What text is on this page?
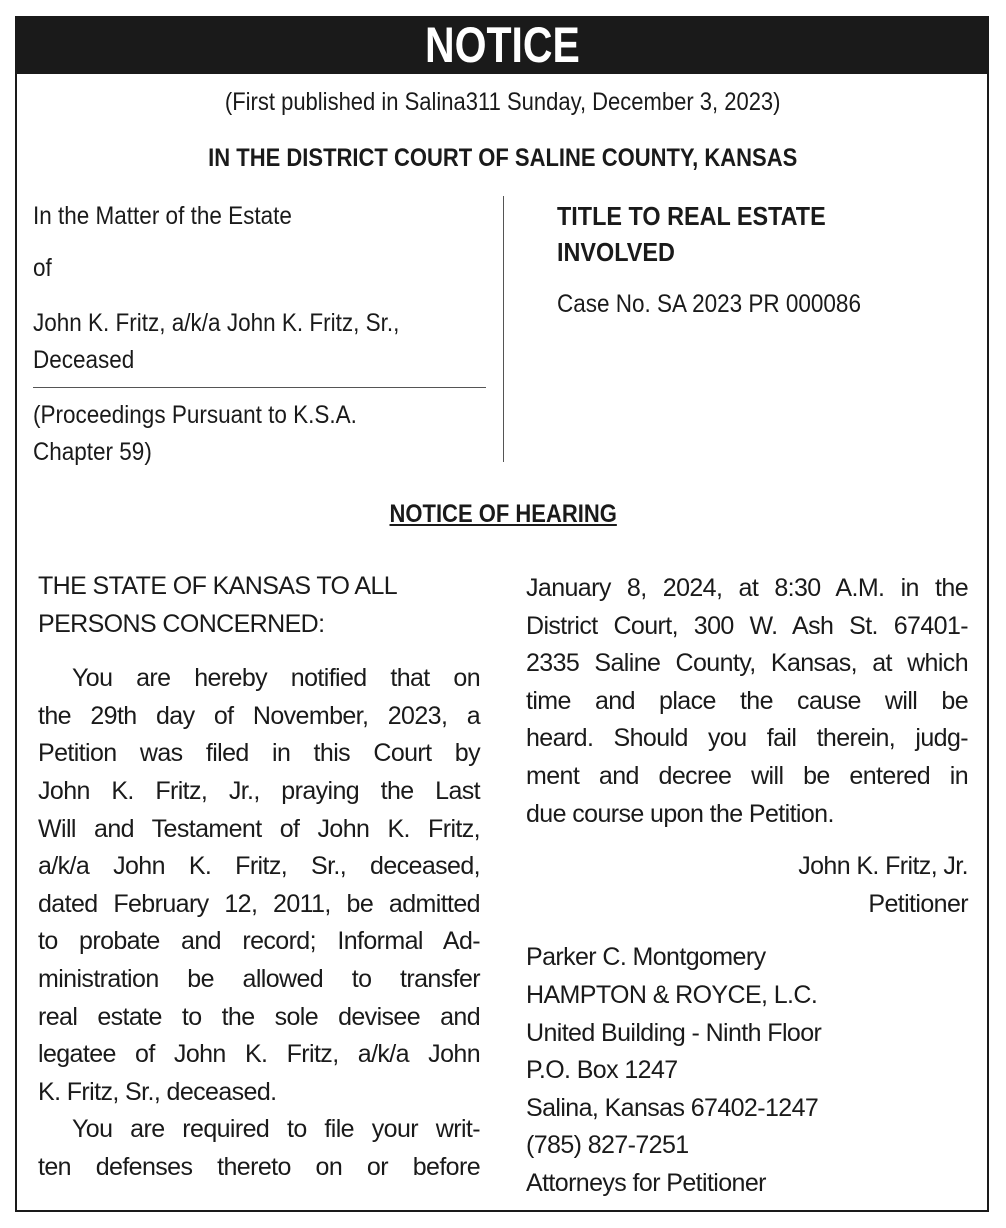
NOTICE
(First published in Salina311 Sunday, December 3, 2023)
IN THE DISTRICT COURT OF SALINE COUNTY, KANSAS
In the Matter of the Estate
of
John K. Fritz, a/k/a John K. Fritz, Sr.,
Deceased
(Proceedings Pursuant to K.S.A.
Chapter 59)
TITLE TO REAL ESTATE
INVOLVED
Case No. SA 2023 PR 000086
NOTICE OF HEARING
THE STATE OF KANSAS TO ALL
PERSONS CONCERNED:
You are hereby notified that on
the 29th day of November, 2023, a
Petition was filed in this Court by
John K. Fritz, Jr., praying the Last
Will and Testament of John K. Fritz,
a/k/a John K. Fritz, Sr., deceased,
dated February 12, 2011, be admitted
to probate and record; Informal Ad-
ministration be allowed to transfer
real estate to the sole devisee and
legatee of John K. Fritz, a/k/a John
K. Fritz, Sr., deceased.
You are required to file your writ-
ten defenses thereto on or before
January 8, 2024, at 8:30 A.M. in the
District Court, 300 W. Ash St. 67401-
2335 Saline County, Kansas, at which
time and place the cause will be
heard. Should you fail therein, judg-
ment and decree will be entered in
due course upon the Petition.
John K. Fritz, Jr.
Petitioner
Parker C. Montgomery
HAMPTON & ROYCE, L.C.
United Building - Ninth Floor
P.O. Box 1247
Salina, Kansas 67402-1247
(785) 827-7251
Attorneys for Petitioner
